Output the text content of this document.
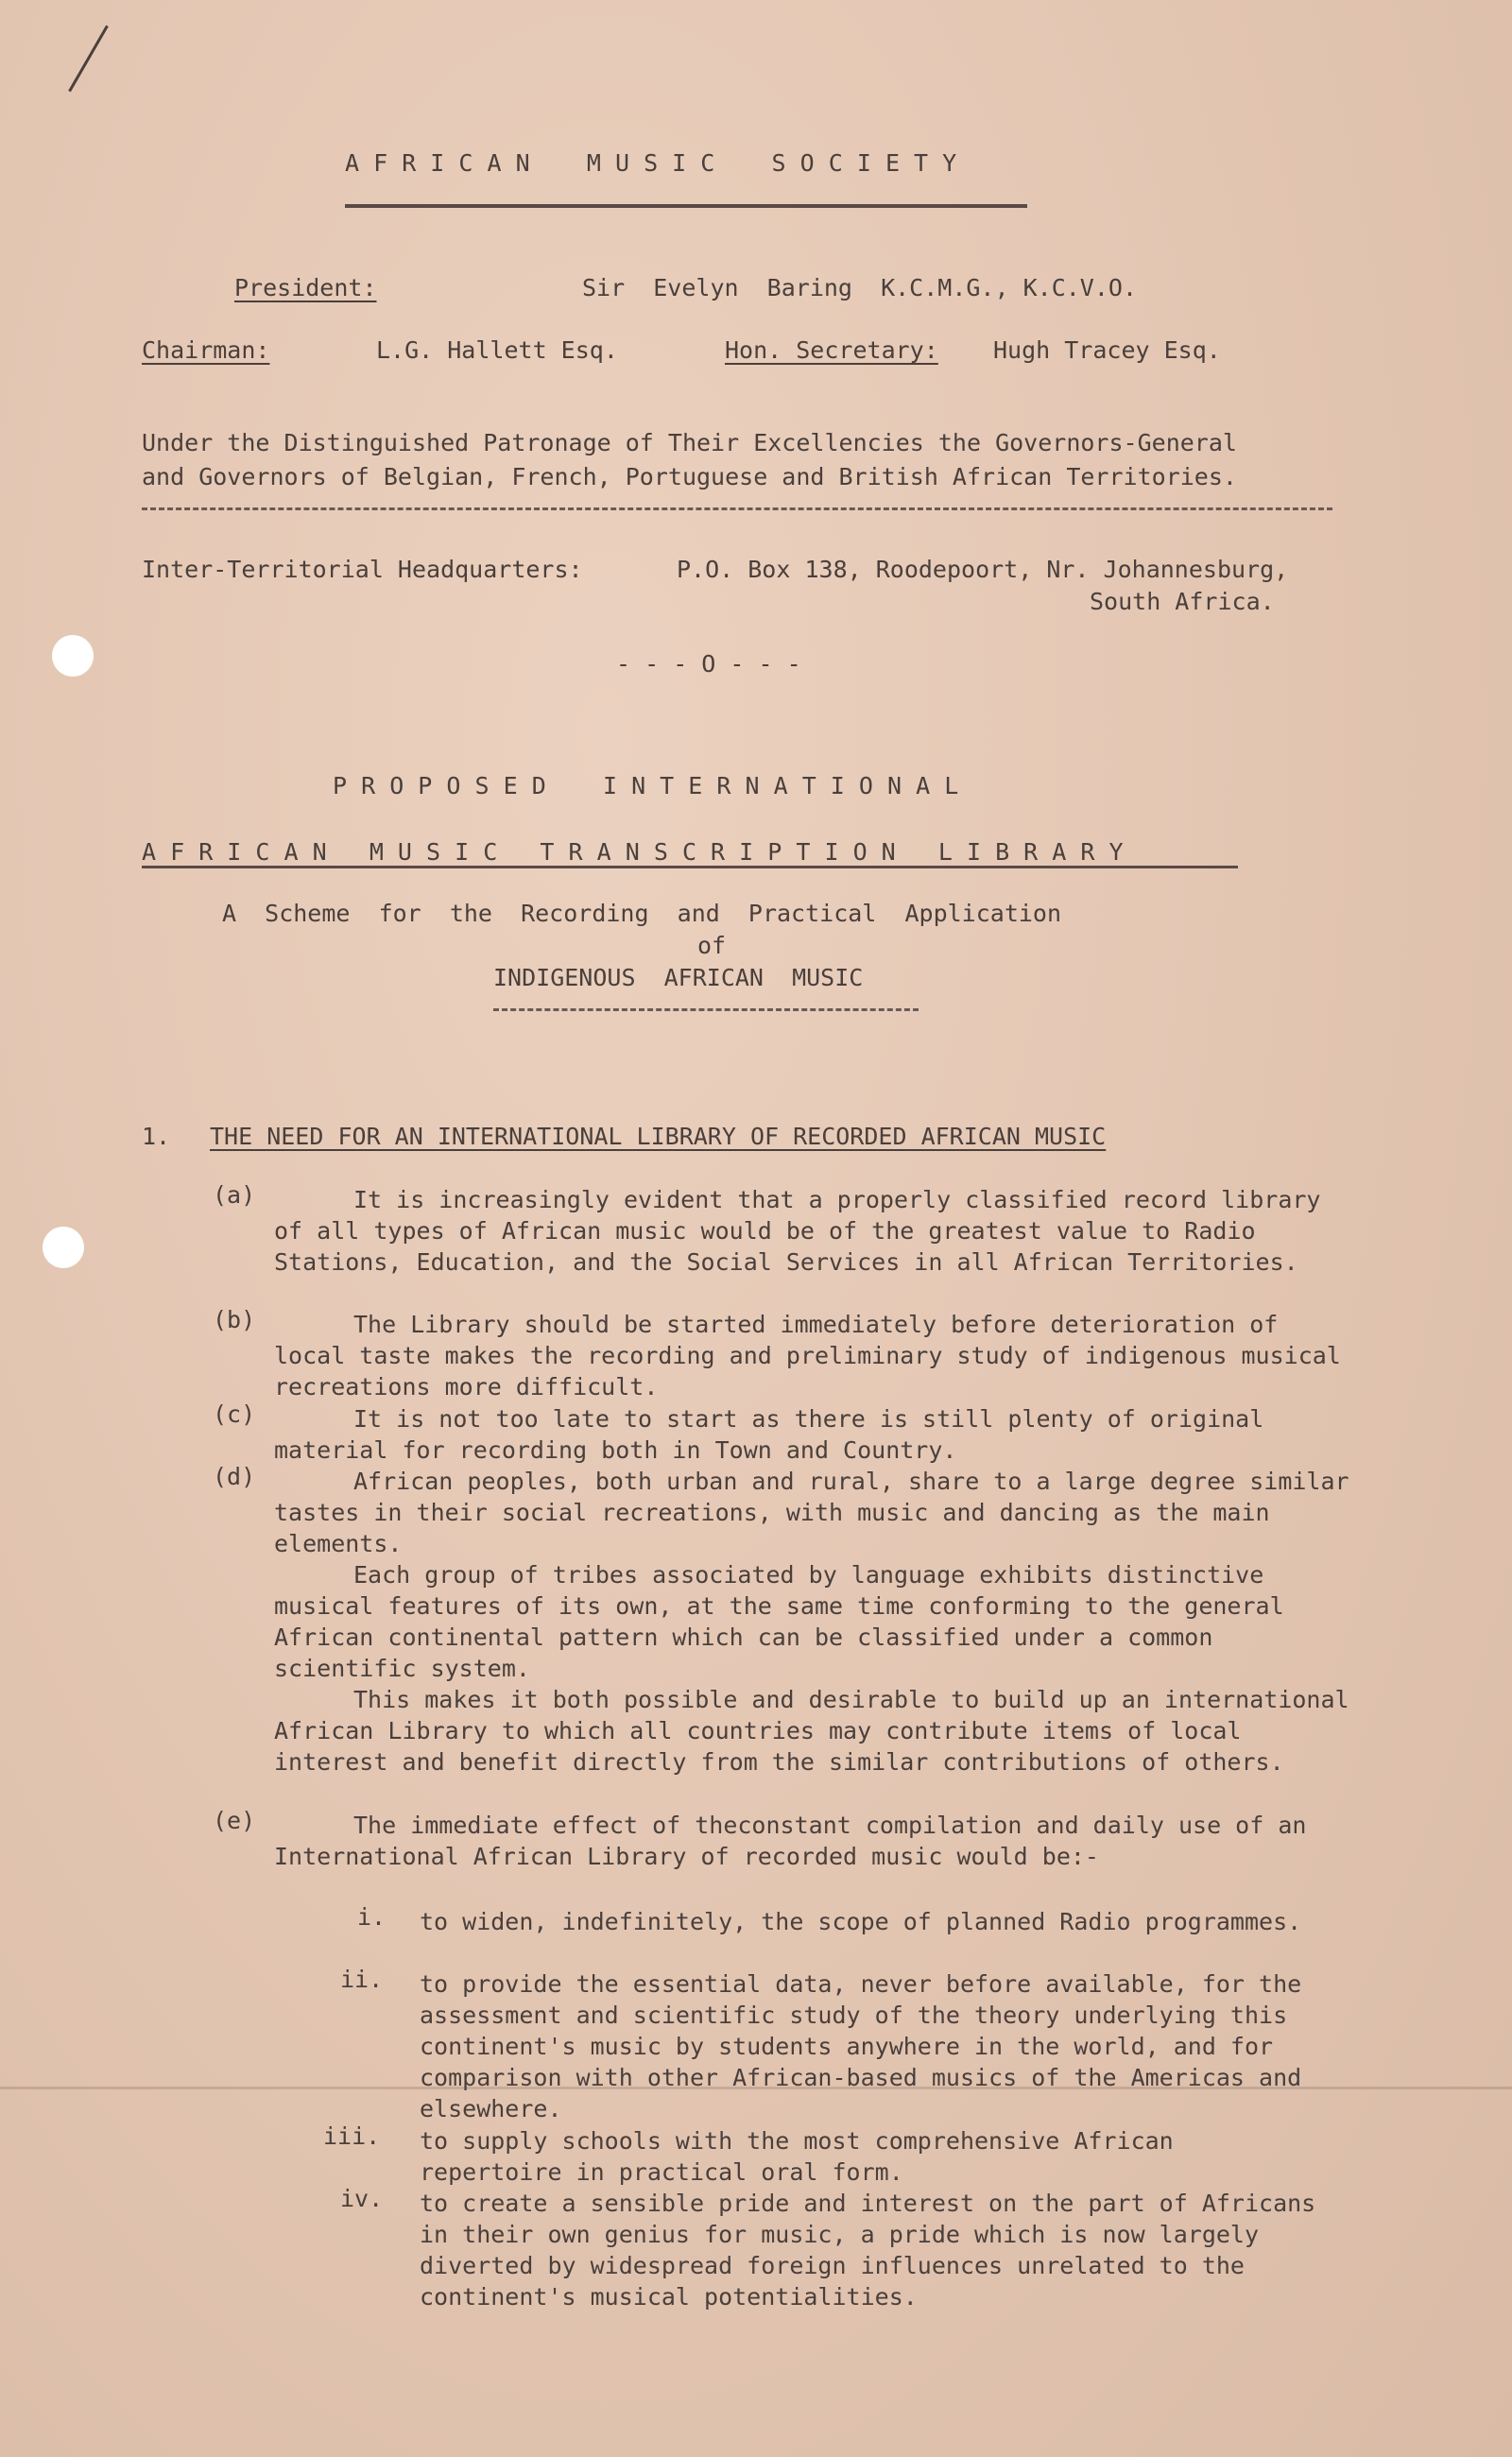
A F R I C A N    M U S I C    S O C I E T Y
President:	Sir  Evelyn  Baring  K.C.M.G., K.C.V.O.
Chairman:	L.G. Hallett Esq.	Hon. Secretary: Hugh Tracey Esq.
Under the Distinguished Patronage of Their Excellencies the Governors-General
and Governors of Belgian, French, Portuguese and British African Territories.
Inter-Territorial Headquarters:	P.O. Box 138, Roodepoort, Nr. Johannesburg,
South Africa.
- - - O - - -
P R O P O S E D    I N T E R N A T I O N A L
A F R I C A N   M U S I C   T R A N S C R I P T I O N   L I B R A R Y
A  Scheme  for  the  Recording  and  Practical  Application
of
INDIGENOUS  AFRICAN  MUSIC
1. THE NEED FOR AN INTERNATIONAL LIBRARY OF RECORDED AFRICAN MUSIC
(a)	It is increasingly evident that a properly classified record library of all types of African music would be of the greatest value to Radio Stations, Education, and the Social Services in all African Territories.
(b)	The Library should be started immediately before deterioration of local taste makes the recording and preliminary study of indigenous musical recreations more difficult.
(c)	It is not too late to start as there is still plenty of original material for recording both in Town and Country.
(d)	African peoples, both urban and rural, share to a large degree similar tastes in their social recreations, with music and dancing as the main elements.
Each group of tribes associated by language exhibits distinctive musical features of its own, at the same time conforming to the general African continental pattern which can be classified under a common scientific system.
This makes it both possible and desirable to build up an international African Library to which all countries may contribute items of local interest and benefit directly from the similar contributions of others.
(e)	The immediate effect of theconstant compilation and daily use of an International African Library of recorded music would be:-
i. to widen, indefinitely, the scope of planned Radio programmes.
ii. to provide the essential data, never before available, for the assessment and scientific study of the theory underlying this continent's music by students anywhere in the world, and for comparison with other African-based musics of the Americas and elsewhere.
iii. to supply schools with the most comprehensive African repertoire in practical oral form.
iv. to create a sensible pride and interest on the part of Africans in their own genius for music, a pride which is now largely diverted by widespread foreign influences unrelated to the continent's musical potentialities.
